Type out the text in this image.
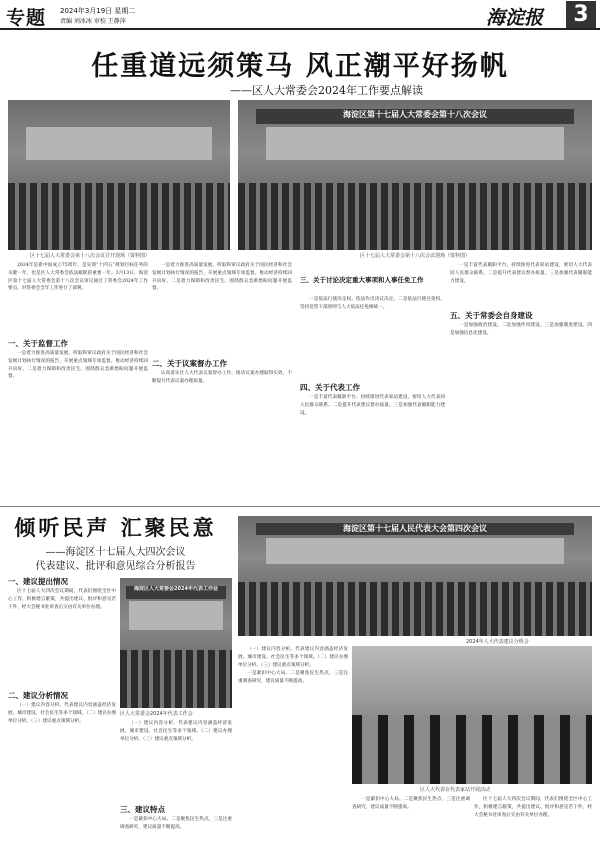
专题 2024年3月19日 星期二
责编 刘冰冰 审校 王静萍	海淀报	3
任重道远须策马 风正潮平好扬帆
——区人大常委会2024年工作要点解读
区十七届人大常委会第十八次会议召开现场（资料图）
海淀区第十七届人大常委会第十八次会议
区十七届人大常委会第十八次会议现场（资料图）

2024年是新中国成立75周年，是实现“十四五”规划目标任务的关键一年，也是区人大常委会依法履职的重要一年。3月13日，海淀区第十七届人大常委会第十八次会议审议通过了常委会2024年工作要点，对常委会全年工作进行了部署。

一、关于监督工作

一是着力推进高质量发展。听取和审议政府关于国民经济和社会发展计划执行情况的报告，开展重点领域专项监督，推动经济持续回升向好。二是着力保障和改善民生。围绕群众急难愁盼问题开展监督。

一是着力推进高质量发展。听取和审议政府关于国民经济和社会发展计划执行情况的报告，开展重点领域专项监督，推动经济持续回升向好。二是着力保障和改善民生。围绕群众急难愁盼问题开展监督。

二、关于议案督办工作

认真落实区人大代表议案督办工作，推动议案办理取得实效，不断提升代表议案办理质量。

三、关于讨论决定重大事项和人事任免工作

一是依法行使决定权。依法作出决议决定。二是依法行使任免权，坚持党管干部原则与人大依法任免相统一。

四、关于代表工作

一是丰富代表履职平台。持续推进代表家站建设，密切人大代表同人民群众联系。二是提升代表建议督办质量。三是加强代表履职能力建设。

一是丰富代表履职平台。持续推进代表家站建设，密切人大代表同人民群众联系。二是提升代表建议督办质量。三是加强代表履职能力建设。

五、关于常委会自身建设

一是加强政治建设。二是加强作风建设。三是加强制度建设。四是加强信息化建设。

倾听民声 汇聚民意
——海淀区十七届人大四次会议
代表建议、批评和意见综合分析报告
海淀区第十七届人民代表大会第四次会议
2024年人大代表建议分析会
一、建议提出情况

区十七届人大四次会议期间，代表们围绕全区中心工作，积极建言献策，共提出建议、批评和意见若干件，经大会秘书处审查后交由有关单位办理。

二、建议分析情况

（一）建议内容分析。代表建议内容涵盖经济发展、城市建设、社会民生等多个领域。（二）建议办理单位分析。（三）建议重点领域分析。

海淀区人大常委会2024年代表工作会
区人大常委会2024年代表工作会

（一）建议内容分析。代表建议内容涵盖经济发展、城市建设、社会民生等多个领域。（二）建议办理单位分析。（三）建议重点领域分析。

三、建议特点

一是紧扣中心大局。二是聚焦民生热点。三是注重调查研究，建议质量不断提高。

（一）建议内容分析。代表建议内容涵盖经济发展、城市建设、社会民生等多个领域。（二）建议办理单位分析。（三）建议重点领域分析。

一是紧扣中心大局。二是聚焦民生热点。三是注重调查研究，建议质量不断提高。

区人大代表在代表家站开展活动

一是紧扣中心大局。二是聚焦民生热点。三是注重调查研究，建议质量不断提高。

区十七届人大四次会议期间，代表们围绕全区中心工作，积极建言献策，共提出建议、批评和意见若干件，经大会秘书处审查后交由有关单位办理。
